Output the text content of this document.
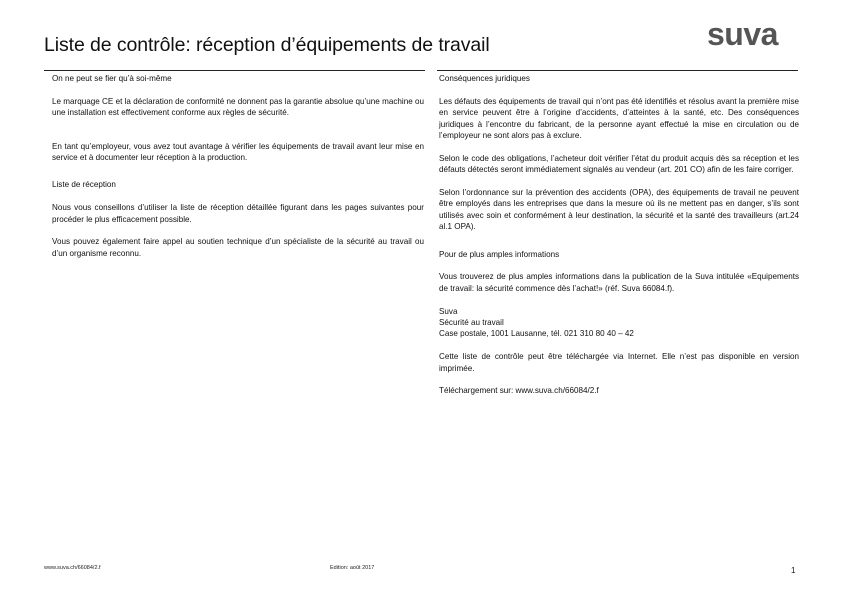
Liste de contrôle: réception d’équipements de travail	suva
On ne peut se fier qu’à soi-même

Le marquage CE et la déclaration de conformité ne donnent pas la garantie absolue qu’une machine ou une installation est effectivement conforme aux règles de sécurité.

En tant qu’employeur, vous avez tout avantage à vérifier les équipements de travail avant leur mise en service et à documenter leur réception à la production.

Liste de réception

Nous vous conseillons d’utiliser la liste de réception détaillée figurant dans les pages suivantes pour procéder le plus efficacement possible.

Vous pouvez également faire appel au soutien technique d’un spécialiste de la sécurité au travail ou d’un organisme reconnu.

Conséquences juridiques

Les défauts des équipements de travail qui n’ont pas été identifiés et résolus avant la première mise en service peuvent être à l’origine d’accidents, d’atteintes à la santé, etc. Des conséquences juridiques à l’encontre du fabricant, de la personne ayant effectué la mise en circulation ou de l’employeur ne sont alors pas à exclure.

Selon le code des obligations, l’acheteur doit vérifier l’état du produit acquis dès sa réception et les défauts détectés seront immédiatement signalés au vendeur (art. 201 CO) afin de les faire corriger.

Selon l’ordonnance sur la prévention des accidents (OPA), des équipements de travail ne peuvent être employés dans les entreprises que dans la mesure où ils ne mettent pas en danger, s’ils sont utilisés avec soin et conformément à leur destination, la sécurité et la santé des travailleurs (art.24 al.1 OPA).

Pour de plus amples informations

Vous trouverez de plus amples informations dans la publication de la Suva intitulée «Equipements de travail: la sécurité commence dès l’achat!» (réf. Suva 66084.f).

Suva
Sécurité au travail
Case postale, 1001 Lausanne, tél. 021 310 80 40 – 42

Cette liste de contrôle peut être téléchargée via Internet. Elle n’est pas disponible en version imprimée.

Téléchargement sur: www.suva.ch/66084/2.f

www.suva.ch/66084/2.f	Edition: août 2017	1
